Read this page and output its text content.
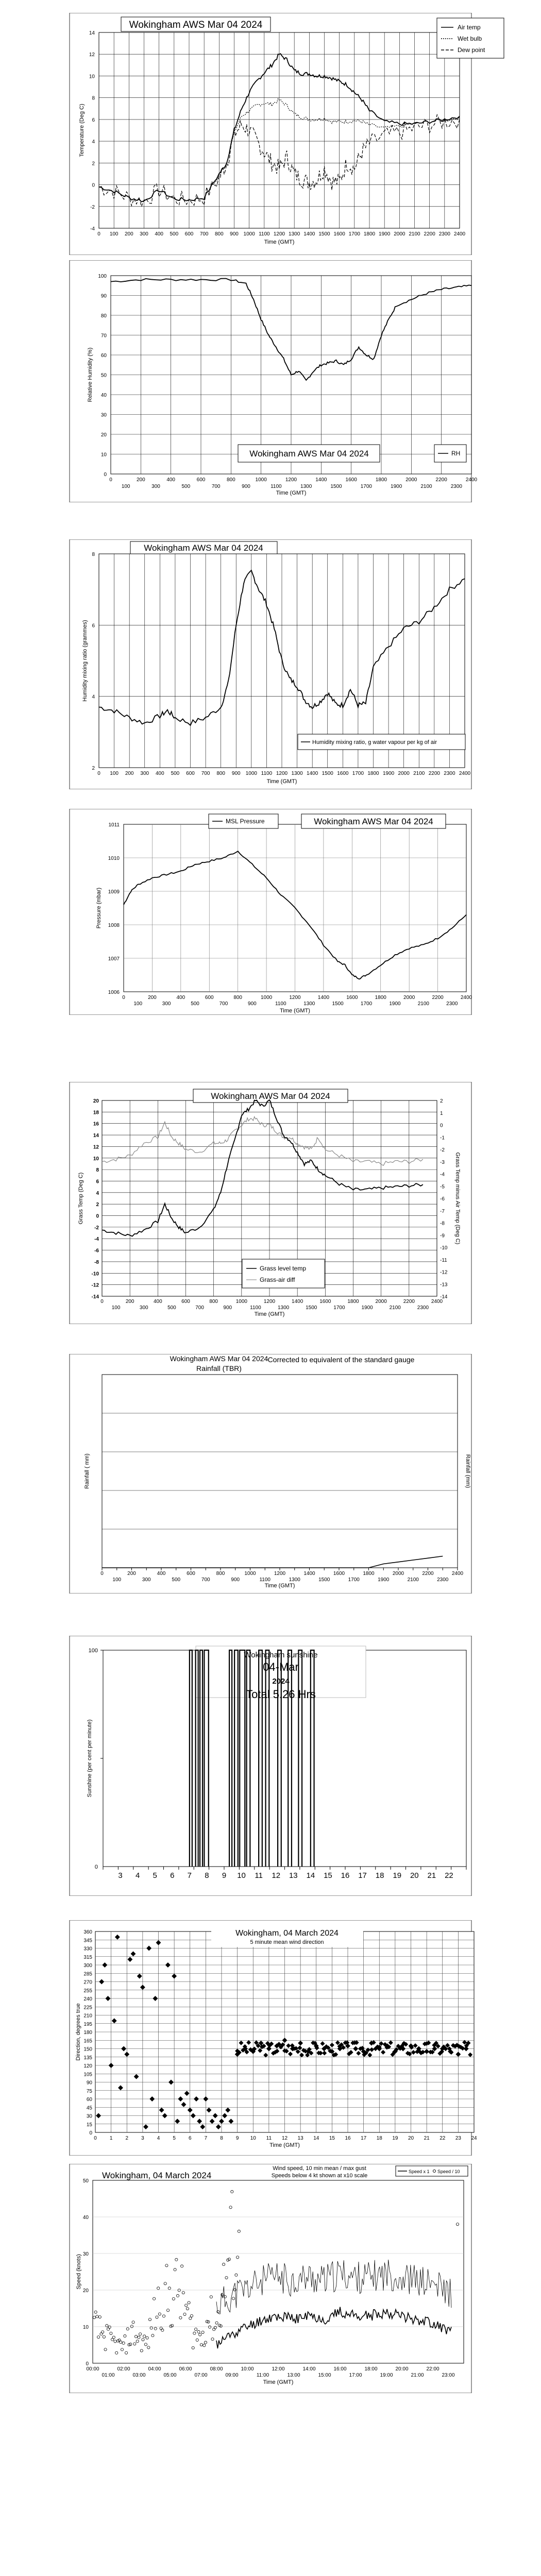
0 100 200 300 400 500 600 700 800 900 1000 1100 1200 1300 1400 1500 1600 1700 1800 1900 2000 2100 2200 2300 2400
-4
-2
0
2
4
6
8
10
12
14
Time (GMT)
Temperature (Deg C)
Wokingham AWS Mar 04 2024	Air temp
Wet bulb
Dew point
0	200	400	600	800	1000	1200	1400	1600	1800	2000	2200	2400
100	300	500	700	900	1100	1300	1500	1700	1900	2100	2300
0
10
20
30
40
50
60
70
80
90
100
Time (GMT)
Relative Humidity (%)
Wokingham AWS Mar 04 2024	RH
0 100 200 300 400 500 600 700 800 900 1000 1100 1200 1300 1400 1500 1600 1700 1800 1900 2000 2100 2200 2300 2400
2
4
6
8
Time (GMT)
Humidity mixing ratio (grammes)
Wokingham AWS Mar 04 2024
Humidity mixing ratio, g water vapour per kg of air
0	200	400	600	800	1000	1200	1400	1600	1800	2000	2200	2400
100	300	500	700	900	1100	1300	1500	1700	1900	2100	2300
1006
1007
1008
1009
1010
1011
Time (GMT)
Pressure (mbar)
MSL Pressure	Wokingham AWS Mar 04 2024
0	200	400	600	800	1000	1200	1400	1600	1800	2000	2200	2400
100	300	500	700	900	1100	1300	1500	1700	1900	2100	2300
-14
-12
-10
-8
-6
-4
-2
0
2
4
6
8
10
12
14
16
18
20
-14
-13
-12
-11
-10
-9
-8
-7
-6
-5
-4
-3
-2
-1
0
1
2
Time (GMT)
Grass Temp (Deg C)	Grass Temp minus Air Temp (Deg C)
Wokingham AWS Mar 04 2024
Grass level temp
Grass-air diff
0	200	400	600	800	1000	1200	1400	1600	1800	2000	2200	2400
100	300	500	700	900	1100	1300	1500	1700	1900	2100	2300
Time (GMT)
Rainfall ( mm)	Rainfall (mm)
Wokingham AWS Mar 04 2024
Rainfall (TBR)
Corrected to equivalent of the standard gauge
3 4 5 6 7 8 9 10 11 12 13 14 15 16 17 18 19 20 21 22
0
100
Sunshine (per cent per minute)
Wokingham sunshine
04-Mar
2024
Total 5.26 Hrs
0	1	2	3	4	5	6	7	8	9 10 11 12 13 14 15 16 17 18 19 20 21 22 23 24
0
15
30
45
60
75
90
105
120
135
150
165
180
195
210
225
240
255
270
285
300
315
330
345
360
Time (GMT)
Direction, degrees true
Wokingham, 04 March 2024
5 minute mean wind direction
0
10
20
30
40
50
00:00	02:00	04:00	06:00	08:00	10:00	12:00	14:00	16:00	18:00	20:00	22:00
01:00	03:00	05:00	07:00	09:00	11:00	13:00	15:00	17:00	19:00	21:00	23:00
Time (GMT)
Speed (knots)
Wokingham, 04 March 2024
Wind speed, 10 min mean / max gust
Speeds below 4 kt shown at x10 scale
Speed x 1 Speed / 10
